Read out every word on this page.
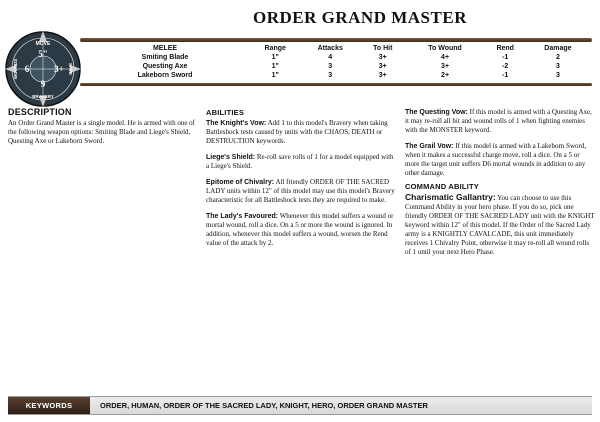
ORDER GRAND MASTER
MOVE
5"
WOUNDS 6	SAVE
3+
9
BRAVERY
MELEE	Range	Attacks	To Hit	To Wound	Rend	Damage
Smiting Blade	1"	4	3+	4+	-1	2
Questing Axe	1"	3	3+	3+	-2	3
Lakeborn Sword	1"	3	3+	2+	-1	3
DESCRIPTION
An Order Grand Master is a single model. He is armed with one of the following weapon options: Smiting Blade and Liege's Shield, Questing Axe or Lakeborn Sword.
ABILITIES
The Knight's Vow: Add 1 to this model's Bravery when taking Battleshock tests caused by units with the CHAOS, DEATH or DESTRUCTION keywords.
Liege's Shield: Re-roll save rolls of 1 for a model equipped with a Liege's Shield.
Epitome of Chivalry: All friendly ORDER OF THE SACRED LADY units within 12" of this model may use this model's Bravery characteristic for all Battleshock tests they are required to make.
The Lady's Favoured: Whenever this model suffers a wound or mortal wound, roll a dice. On a 5 or more the wound is ignored. In addition, whenever this model suffers a wound, worsen the Rend value of the attack by 2.
The Questing Vow: If this model is armed with a Questing Axe, it may re-roll all hit and wound rolls of 1 when fighting enemies with the MONSTER keyword.
The Grail Vow: If this model is armed with a Lakeborn Sword, when it makes a successful charge move, roll a dice. On a 5 or more the target unit suffers D6 mortal wounds in addition to any other damage.
COMMAND ABILITY
Charismatic Gallantry: You can choose to use this Command Ability in your hero phase. If you do so, pick one friendly ORDER OF THE SACRED LADY unit with the KNIGHT keyword within 12" of this model. If the Order of the Sacred Lady army is a KNIGHTLY CAVALCADE, this unit immediately receives 1 Chivalry Point, otherwise it may re-roll all wound rolls of 1 until your next Hero Phase.
KEYWORDS	ORDER, HUMAN, ORDER OF THE SACRED LADY, KNIGHT, HERO, ORDER GRAND MASTER
